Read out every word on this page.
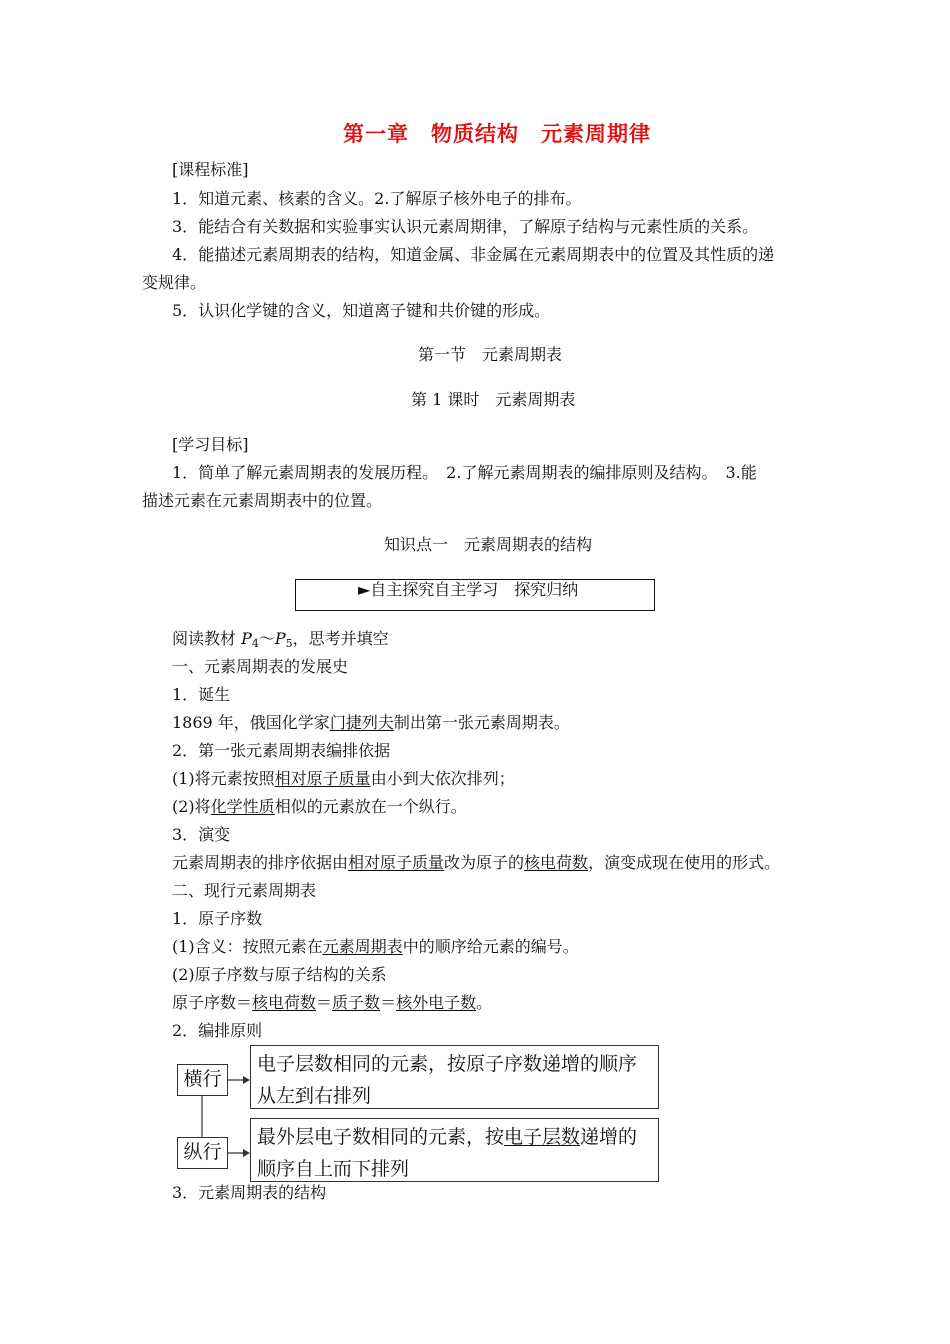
第一章　物质结构　元素周期律
[课程标准]
1．知道元素、核素的含义。2.了解原子核外电子的排布。
3．能结合有关数据和实验事实认识元素周期律，了解原子结构与元素性质的关系。
4．能描述元素周期表的结构，知道金属、非金属在元素周期表中的位置及其性质的递
变规律。
5．认识化学键的含义，知道离子键和共价键的形成。
第一节　元素周期表
第 1 课时　元素周期表
[学习目标]
1．简单了解元素周期表的发展历程。　2.了解元素周期表的编排原则及结构。　3.能
描述元素在元素周期表中的位置。
知识点一　元素周期表的结构
►自主探究自主学习　探究归纳
阅读教材 $P_4\sim P_5$，思考并填空
一、元素周期表的发展史
1．诞生
1869 年，俄国化学家门捷列夫制出第一张元素周期表。
2．第一张元素周期表编排依据
(1)将元素按照相对原子质量由小到大依次排列；
(2)将化学性质相似的元素放在一个纵行。
3．演变
元素周期表的排序依据由相对原子质量改为原子的核电荷数，演变成现在使用的形式。
二、现行元素周期表
1．原子序数
(1)含义：按照元素在元素周期表中的顺序给元素的编号。
(2)原子序数与原子结构的关系
原子序数＝核电荷数＝质子数＝核外电子数。
2．编排原则
横行
电子层数相同的元素，按原子序数递增的顺序
从左到右排列
纵行
最外层电子数相同的元素，按电子层数递增的
顺序自上而下排列
3．元素周期表的结构
